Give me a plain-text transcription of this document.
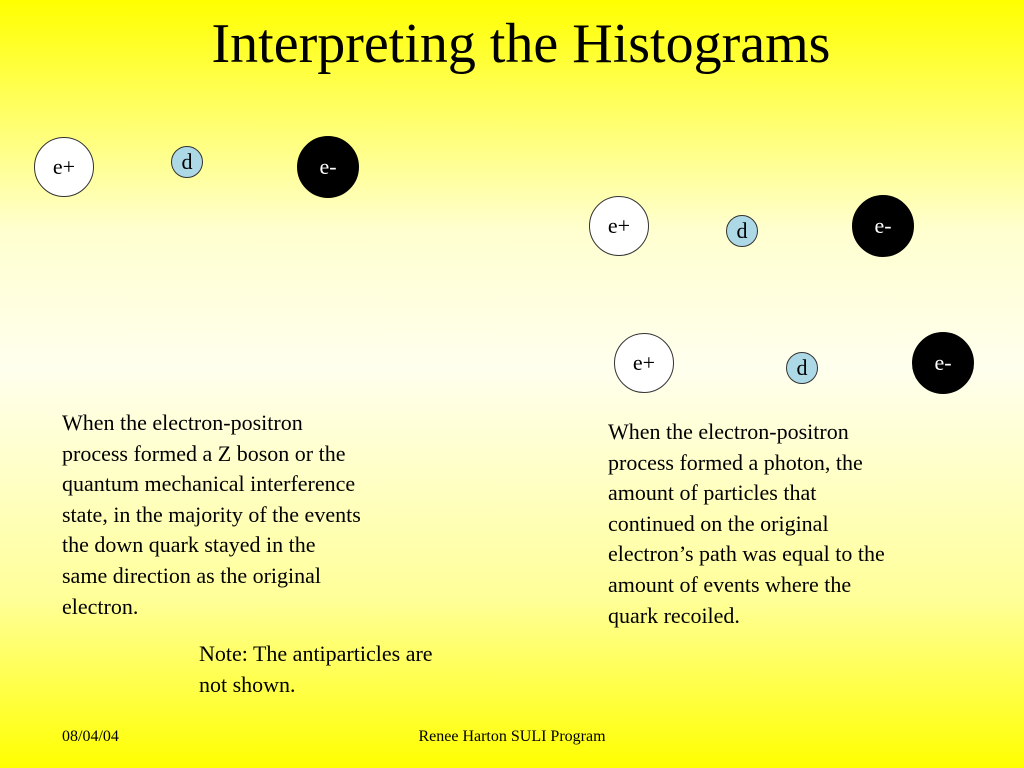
Interpreting the Histograms
e+	d	e-
e+	d	e-
e+	d	e-
When the electron-positron
process formed a Z boson or the
quantum mechanical interference
state, in the majority of the events
the down quark stayed in the
same direction as the original
electron.
Note: The antiparticles are
not shown.
When the electron-positron
process formed a photon, the
amount of particles that
continued on the original
electron’s path was equal to the
amount of events where the
quark recoiled.
08/04/04	Renee Harton SULI Program
